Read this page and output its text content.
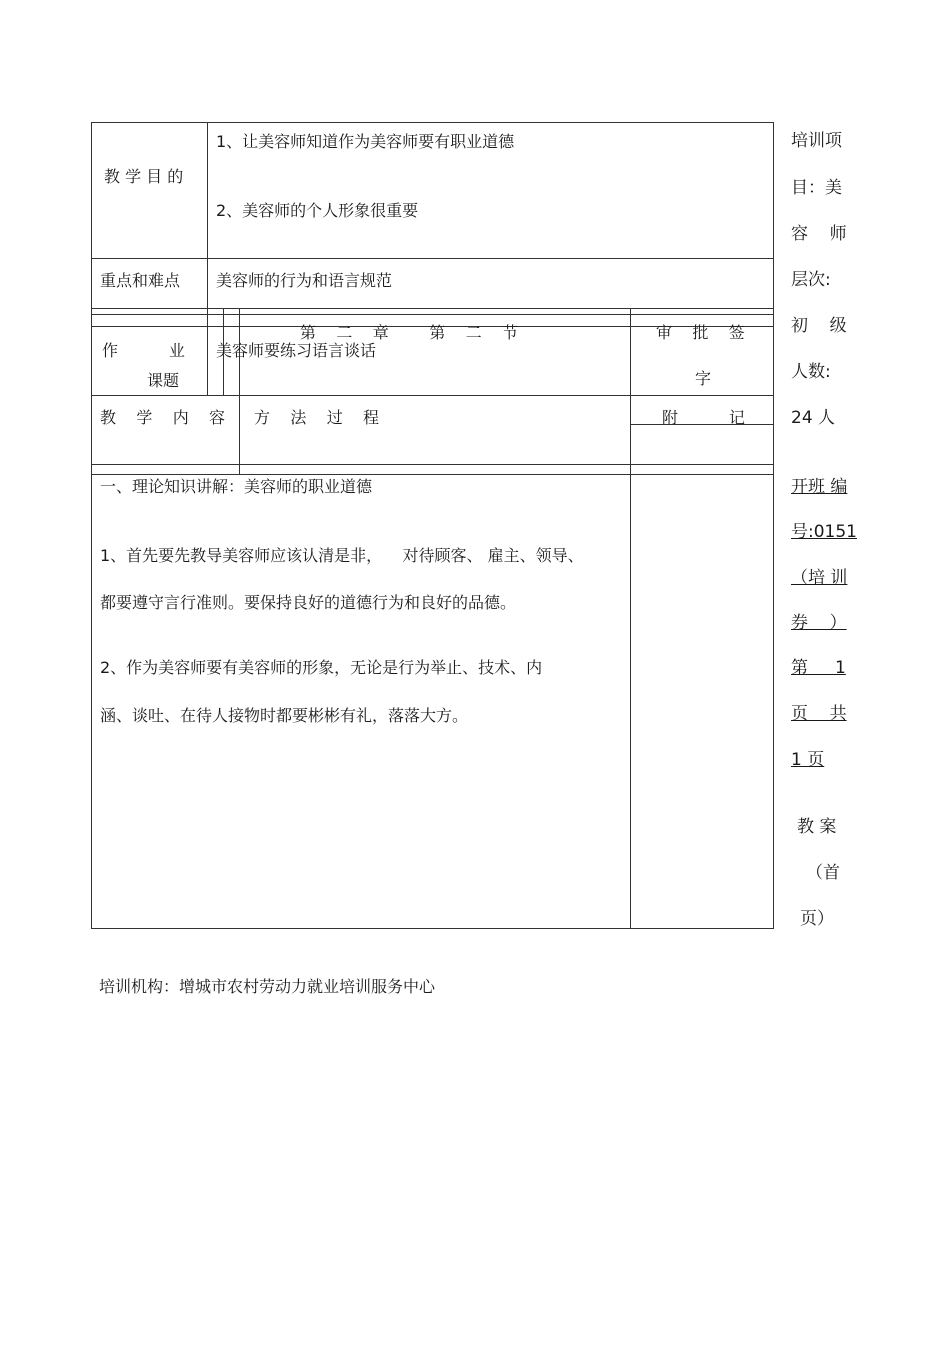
教 学 目 的
1、让美容师知道作为美容师要有职业道德
2、美容师的个人形象很重要
重点和难点 美容师的行为和语言规范
第    二    章        第    二    节
作          业
课题
美容师要练习语言谈话
审    批    签
字
教    学    内    容 方    法    过    程	附          记
一、理论知识讲解：美容师的职业道德
1、首先要先教导美容师应该认清是非，    对待顾客、 雇主、领导、
都要遵守言行准则。要保持良好的道德行为和良好的品德。
2、作为美容师要有美容师的形象，无论是行为举止、技术、内
涵、谈吐、在待人接物时都要彬彬有礼，落落大方。
培训项
目：美
容    师
层次:
初    级
人数:
24 人
开班 编
号:0151
（培 训
券    ）
第     1
页    共
1 页
教 案
（首
页）
培训机构：增城市农村劳动力就业培训服务中心
